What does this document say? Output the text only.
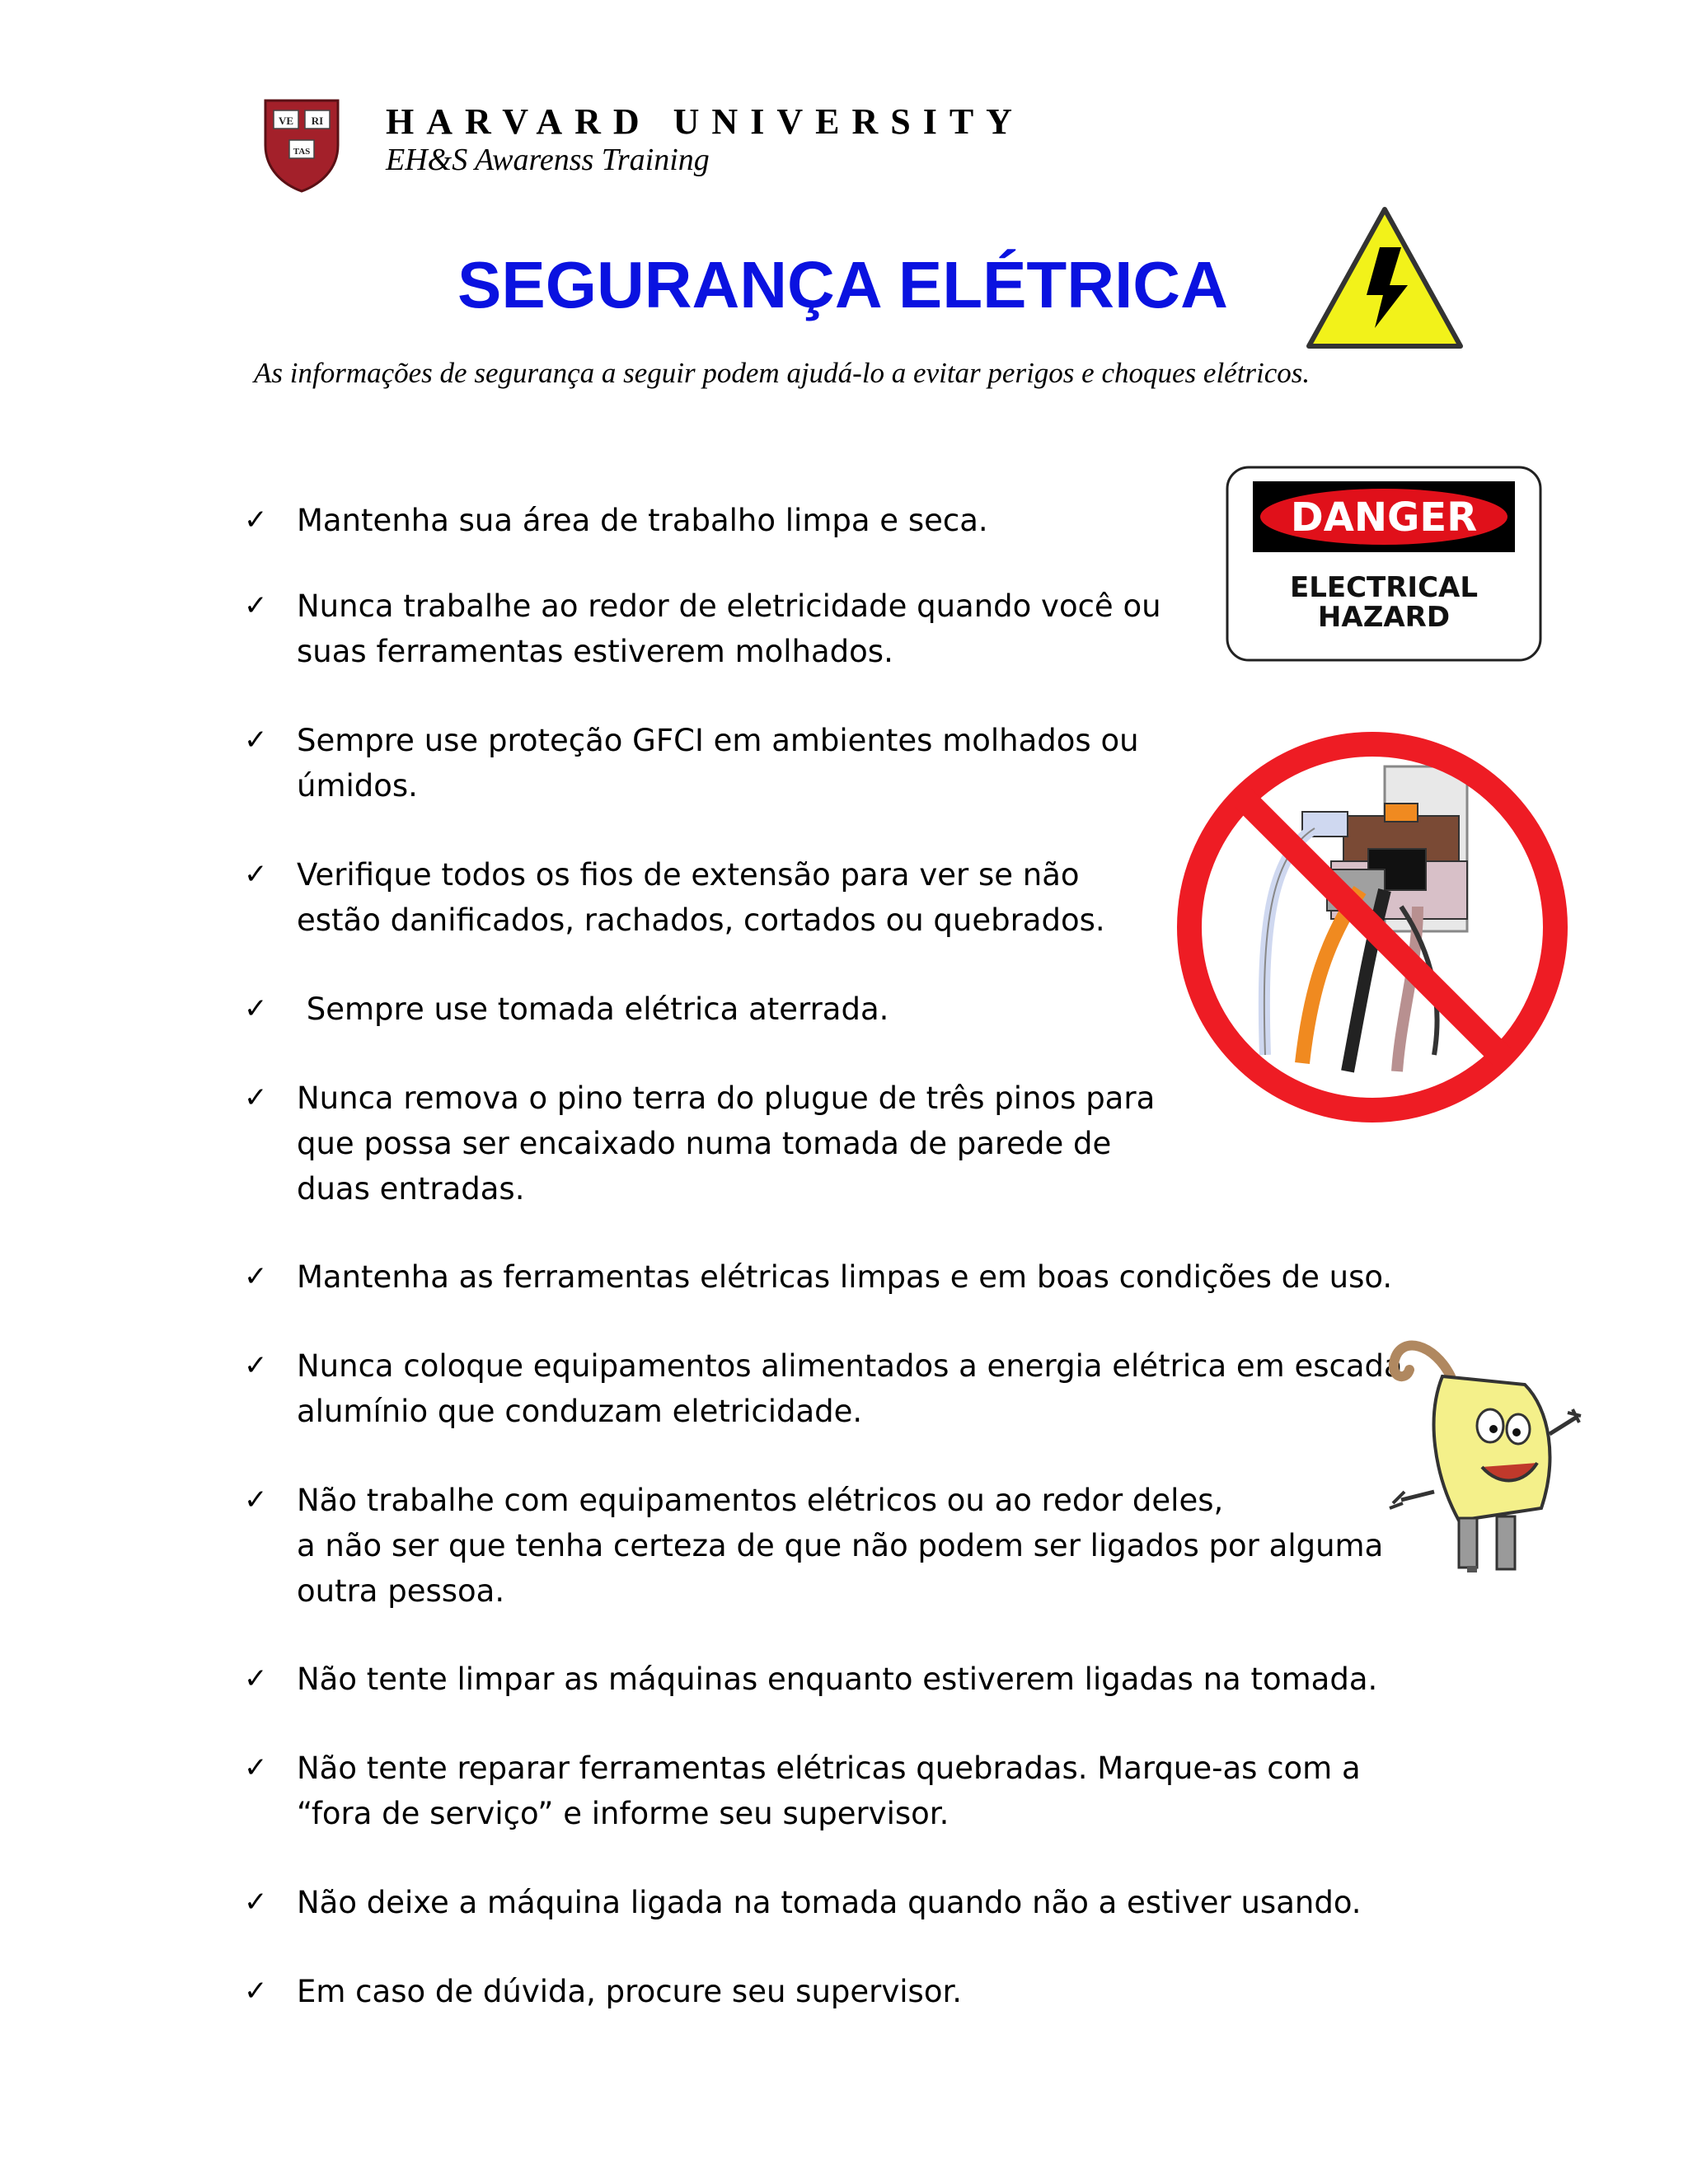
VE RI
TAS
HARVARD UNIVERSITY
EH&S Awarenss Training
SEGURANÇA ELÉTRICA
As informações de segurança a seguir podem ajudá-lo a evitar perigos e choques elétricos.
DANGER
ELECTRICAL
HAZARD
✓ Mantenha sua área de trabalho limpa e seca.
✓ Nunca trabalhe ao redor de eletricidade quando você ou
suas ferramentas estiverem molhados.
✓ Sempre use proteção GFCI em ambientes molhados ou
úmidos.
✓ Verifique todos os fios de extensão para ver se não
estão danificados, rachados, cortados ou quebrados.
✓ Sempre use tomada elétrica aterrada.
✓ Nunca remova o pino terra do plugue de três pinos para
que possa ser encaixado numa tomada de parede de
duas entradas.
✓ Mantenha as ferramentas elétricas limpas e em boas condições de uso.
✓ Nunca coloque equipamentos alimentados a energia elétrica em escada
alumínio que conduzam eletricidade.
✓ Não trabalhe com equipamentos elétricos ou ao redor deles,
a não ser que tenha certeza de que não podem ser ligados por alguma
outra pessoa.
✓ Não tente limpar as máquinas enquanto estiverem ligadas na tomada.
✓ Não tente reparar ferramentas elétricas quebradas. Marque-as com a
“fora de serviço” e informe seu supervisor.
✓ Não deixe a máquina ligada na tomada quando não a estiver usando.
✓ Em caso de dúvida, procure seu supervisor.
